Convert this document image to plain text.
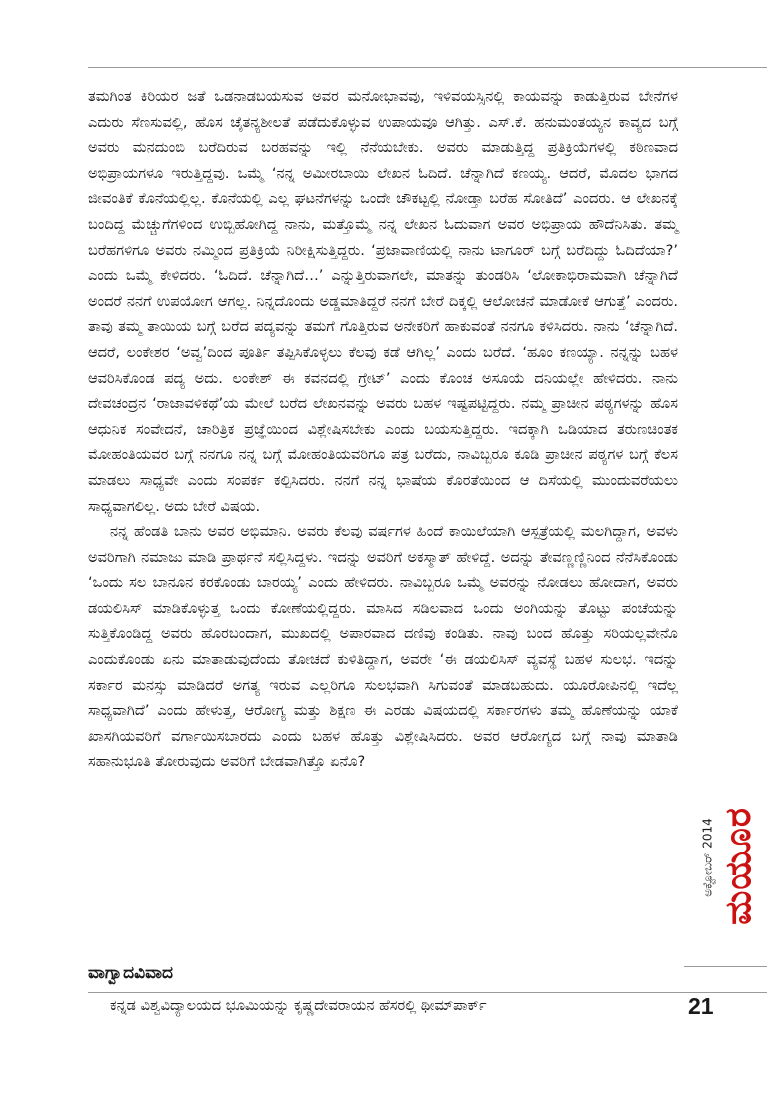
ತಮಗಿಂತ ಕಿರಿಯರ ಜತೆ ಒಡನಾಡಬಯಸುವ ಅವರ ಮನೋಭಾವವು, ಇಳಿವಯಸ್ಸಿನಲ್ಲಿ ಕಾಯವನ್ನು ಕಾಡುತ್ತಿರುವ ಬೇನೆಗಳ ಎದುರು ಸೆಣಸುವಲ್ಲಿ, ಹೊಸ ಚೈತನ್ಯಶೀಲತೆ ಪಡೆದುಕೊಳ್ಳುವ ಉಪಾಯವೂ ಆಗಿತ್ತು. ಎಸ್.ಕೆ. ಹನುಮಂತಯ್ಯನ ಕಾವ್ಯದ ಬಗ್ಗೆ ಅವರು ಮನದುಂಬಿ ಬರೆದಿರುವ ಬರಹವನ್ನು ಇಲ್ಲಿ ನೆನೆಯಬೇಕು. ಅವರು ಮಾಡುತ್ತಿದ್ದ ಪ್ರತಿಕ್ರಿಯೆಗಳಲ್ಲಿ ಕಠಿಣವಾದ ಅಭಿಪ್ರಾಯಗಳೂ ಇರುತ್ತಿದ್ದವು. ಒಮ್ಮೆ ‘ನನ್ನ ಅಮೀರಬಾಯಿ ಲೇಖನ ಓದಿದೆ. ಚೆನ್ನಾಗಿದೆ ಕಣಯ್ಯ. ಆದರೆ, ಮೊದಲ ಭಾಗದ ಜೀವಂತಿಕೆ ಕೊನೆಯಲ್ಲಿಲ್ಲ. ಕೊನೆಯಲ್ಲಿ ಎಲ್ಲ ಘಟನೆಗಳನ್ನು ಒಂದೇ ಚೌಕಟ್ಟಲ್ಲಿ ನೋಡ್ತಾ ಬರೆಹ ಸೋತಿದೆ’ ಎಂದರು. ಆ ಲೇಖನಕ್ಕೆ ಬಂದಿದ್ದ ಮೆಚ್ಚುಗೆಗಳಿಂದ ಉಬ್ಬಿಹೋಗಿದ್ದ ನಾನು, ಮತ್ತೊಮ್ಮೆ ನನ್ನ ಲೇಖನ ಓದುವಾಗ ಅವರ ಅಭಿಪ್ರಾಯ ಹೌದೆನಿಸಿತು. ತಮ್ಮ ಬರೆಹಗಳಿಗೂ ಅವರು ನಮ್ಮಿಂದ ಪ್ರತಿಕ್ರಿಯೆ ನಿರೀಕ್ಷಿಸುತ್ತಿದ್ದರು. ‘ಪ್ರಜಾವಾಣಿಯಲ್ಲಿ ನಾನು ಟಾಗೂರ್ ಬಗ್ಗೆ ಬರೆದಿದ್ದು ಓದಿದೆಯಾ?’ ಎಂದು ಒಮ್ಮೆ ಕೇಳಿದರು. ‘ಓದಿದೆ. ಚೆನ್ನಾಗಿದೆ…’ ಎನ್ನುತ್ತಿರುವಾಗಲೇ, ಮಾತನ್ನು ತುಂಡರಿಸಿ ‘ಲೋಕಾಭಿರಾಮವಾಗಿ ಚೆನ್ನಾಗಿದೆ ಅಂದರೆ ನನಗೆ ಉಪಯೋಗ ಆಗಲ್ಲ. ನಿನ್ನದೊಂದು ಅಡ್ಡಮಾತಿದ್ದರೆ ನನಗೆ ಬೇರೆ ದಿಕ್ಕಲ್ಲಿ ಆಲೋಚನೆ ಮಾಡೋಕೆ ಆಗುತ್ತೆ’ ಎಂದರು. ತಾವು ತಮ್ಮ ತಾಯಿಯ ಬಗ್ಗೆ ಬರೆದ ಪದ್ಯವನ್ನು ತಮಗೆ ಗೊತ್ತಿರುವ ಅನೇಕರಿಗೆ ಹಾಕುವಂತೆ ನನಗೂ ಕಳಿಸಿದರು. ನಾನು ‘ಚೆನ್ನಾಗಿದೆ. ಆದರೆ, ಲಂಕೇಶರ ‘ಅವ್ವ’ದಿಂದ ಪೂರ್ತಿ ತಪ್ಪಿಸಿಕೊಳ್ಳಲು ಕೆಲವು ಕಡೆ ಆಗಿಲ್ಲ’ ಎಂದು ಬರೆದೆ. ‘ಹೂಂ ಕಣಯ್ಯಾ. ನನ್ನನ್ನು ಬಹಳ ಆವರಿಸಿಕೊಂಡ ಪದ್ಯ ಅದು. ಲಂಕೇಶ್ ಈ ಕವನದಲ್ಲಿ ಗ್ರೇಟ್’ ಎಂದು ಕೊಂಚ ಅಸೂಯೆ ದನಿಯಲ್ಲೇ ಹೇಳಿದರು. ನಾನು ದೇವಚಂದ್ರನ ‘ರಾಜಾವಳಿಕಥೆ’ಯ ಮೇಲೆ ಬರೆದ ಲೇಖನವನ್ನು ಅವರು ಬಹಳ ಇಷ್ಟಪಟ್ಟಿದ್ದರು. ನಮ್ಮ ಪ್ರಾಚೀನ ಪಠ್ಯಗಳನ್ನು ಹೊಸ ಆಧುನಿಕ ಸಂವೇದನೆ, ಚಾರಿತ್ರಿಕ ಪ್ರಜ್ಞೆಯಿಂದ ವಿಶ್ಲೇಷಿಸಬೇಕು ಎಂದು ಬಯಸುತ್ತಿದ್ದರು. ಇದಕ್ಕಾಗಿ ಒಡಿಯಾದ ತರುಣಚಿಂತಕ ಮೋಹಂತಿಯವರ ಬಗ್ಗೆ ನನಗೂ ನನ್ನ ಬಗ್ಗೆ ಮೋಹಂತಿಯವರಿಗೂ ಪತ್ರ ಬರೆದು, ನಾವಿಬ್ಬರೂ ಕೂಡಿ ಪ್ರಾಚೀನ ಪಠ್ಯಗಳ ಬಗ್ಗೆ ಕೆಲಸ ಮಾಡಲು ಸಾಧ್ಯವೇ ಎಂದು ಸಂಪರ್ಕ ಕಲ್ಪಿಸಿದರು. ನನಗೆ ನನ್ನ ಭಾಷೆಯ ಕೊರತೆಯಿಂದ ಆ ದಿಸೆಯಲ್ಲಿ ಮುಂದುವರೆಯಲು ಸಾಧ್ಯವಾಗಲಿಲ್ಲ. ಅದು ಬೇರೆ ವಿಷಯ.

ನನ್ನ ಹೆಂಡತಿ ಬಾನು ಅವರ ಅಭಿಮಾನಿ. ಅವರು ಕೆಲವು ವರ್ಷಗಳ ಹಿಂದೆ ಕಾಯಿಲೆಯಾಗಿ ಆಸ್ಪತ್ರೆಯಲ್ಲಿ ಮಲಗಿದ್ದಾಗ, ಅವಳು ಅವರಿಗಾಗಿ ನಮಾಜು ಮಾಡಿ ಪ್ರಾರ್ಥನೆ ಸಲ್ಲಿಸಿದ್ದಳು. ಇದನ್ನು ಅವರಿಗೆ ಅಕಸ್ಮಾತ್ ಹೇಳಿದ್ದೆ. ಅದನ್ನು ತೇವಣ್ಣಣ್ಣಿನಿಂದ ನೆನೆಸಿಕೊಂಡು ‘ಒಂದು ಸಲ ಬಾನೂನ ಕರಕೊಂಡು ಬಾರಯ್ಯ’ ಎಂದು ಹೇಳಿದರು. ನಾವಿಬ್ಬರೂ ಒಮ್ಮೆ ಅವರನ್ನು ನೋಡಲು ಹೋದಾಗ, ಅವರು ಡಯಲಿಸಿಸ್ ಮಾಡಿಕೊಳ್ಳುತ್ತ ಒಂದು ಕೋಣೆಯಲ್ಲಿದ್ದರು. ಮಾಸಿದ ಸಡಿಲವಾದ ಒಂದು ಅಂಗಿಯನ್ನು ತೊಟ್ಟು ಪಂಚೆಯನ್ನು ಸುತ್ತಿಕೊಂಡಿದ್ದ ಅವರು ಹೊರಬಂದಾಗ, ಮುಖದಲ್ಲಿ ಅಪಾರವಾದ ದಣಿವು ಕಂಡಿತು. ನಾವು ಬಂದ ಹೊತ್ತು ಸರಿಯಲ್ಲವೇನೊ ಎಂದುಕೊಂಡು ಏನು ಮಾತಾಡುವುದೆಂದು ತೋಚದೆ ಕುಳಿತಿದ್ದಾಗ, ಅವರೇ ‘ಈ ಡಯಲಿಸಿಸ್ ವ್ಯವಸ್ಥೆ ಬಹಳ ಸುಲಭ. ಇದನ್ನು ಸರ್ಕಾರ ಮನಸ್ಸು ಮಾಡಿದರೆ ಅಗತ್ಯ ಇರುವ ಎಲ್ಲರಿಗೂ ಸುಲಭವಾಗಿ ಸಿಗುವಂತೆ ಮಾಡಬಹುದು. ಯೂರೋಪಿನಲ್ಲಿ ಇದೆಲ್ಲ ಸಾಧ್ಯವಾಗಿದೆ’ ಎಂದು ಹೇಳುತ್ತ, ಆರೋಗ್ಯ ಮತ್ತು ಶಿಕ್ಷಣ ಈ ಎರಡು ವಿಷಯದಲ್ಲಿ ಸರ್ಕಾರಗಳು ತಮ್ಮ ಹೊಣೆಯನ್ನು ಯಾಕೆ ಖಾಸಗಿಯವರಿಗೆ ವರ್ಗಾಯಿಸಬಾರದು ಎಂದು ಬಹಳ ಹೊತ್ತು ವಿಶ್ಲೇಷಿಸಿದರು. ಅವರ ಆರೋಗ್ಯದ ಬಗ್ಗೆ ನಾವು ಮಾತಾಡಿ ಸಹಾನುಭೂತಿ ತೋರುವುದು ಅವರಿಗೆ ಬೇಡವಾಗಿತ್ತೊ ಏನೊ?

ವಾಗ್ವಾದವಿವಾದ

ಕನ್ನಡ ವಿಶ್ವವಿದ್ಯಾಲಯದ ಭೂಮಿಯನ್ನು ಕೃಷ್ಣದೇವರಾಯನ ಹೆಸರಲ್ಲಿ ಥೀಮ್‌ಪಾರ್ಕ್

ಅಕ್ಟೋಬರ್ 2014 ಮಯೂರ
21
